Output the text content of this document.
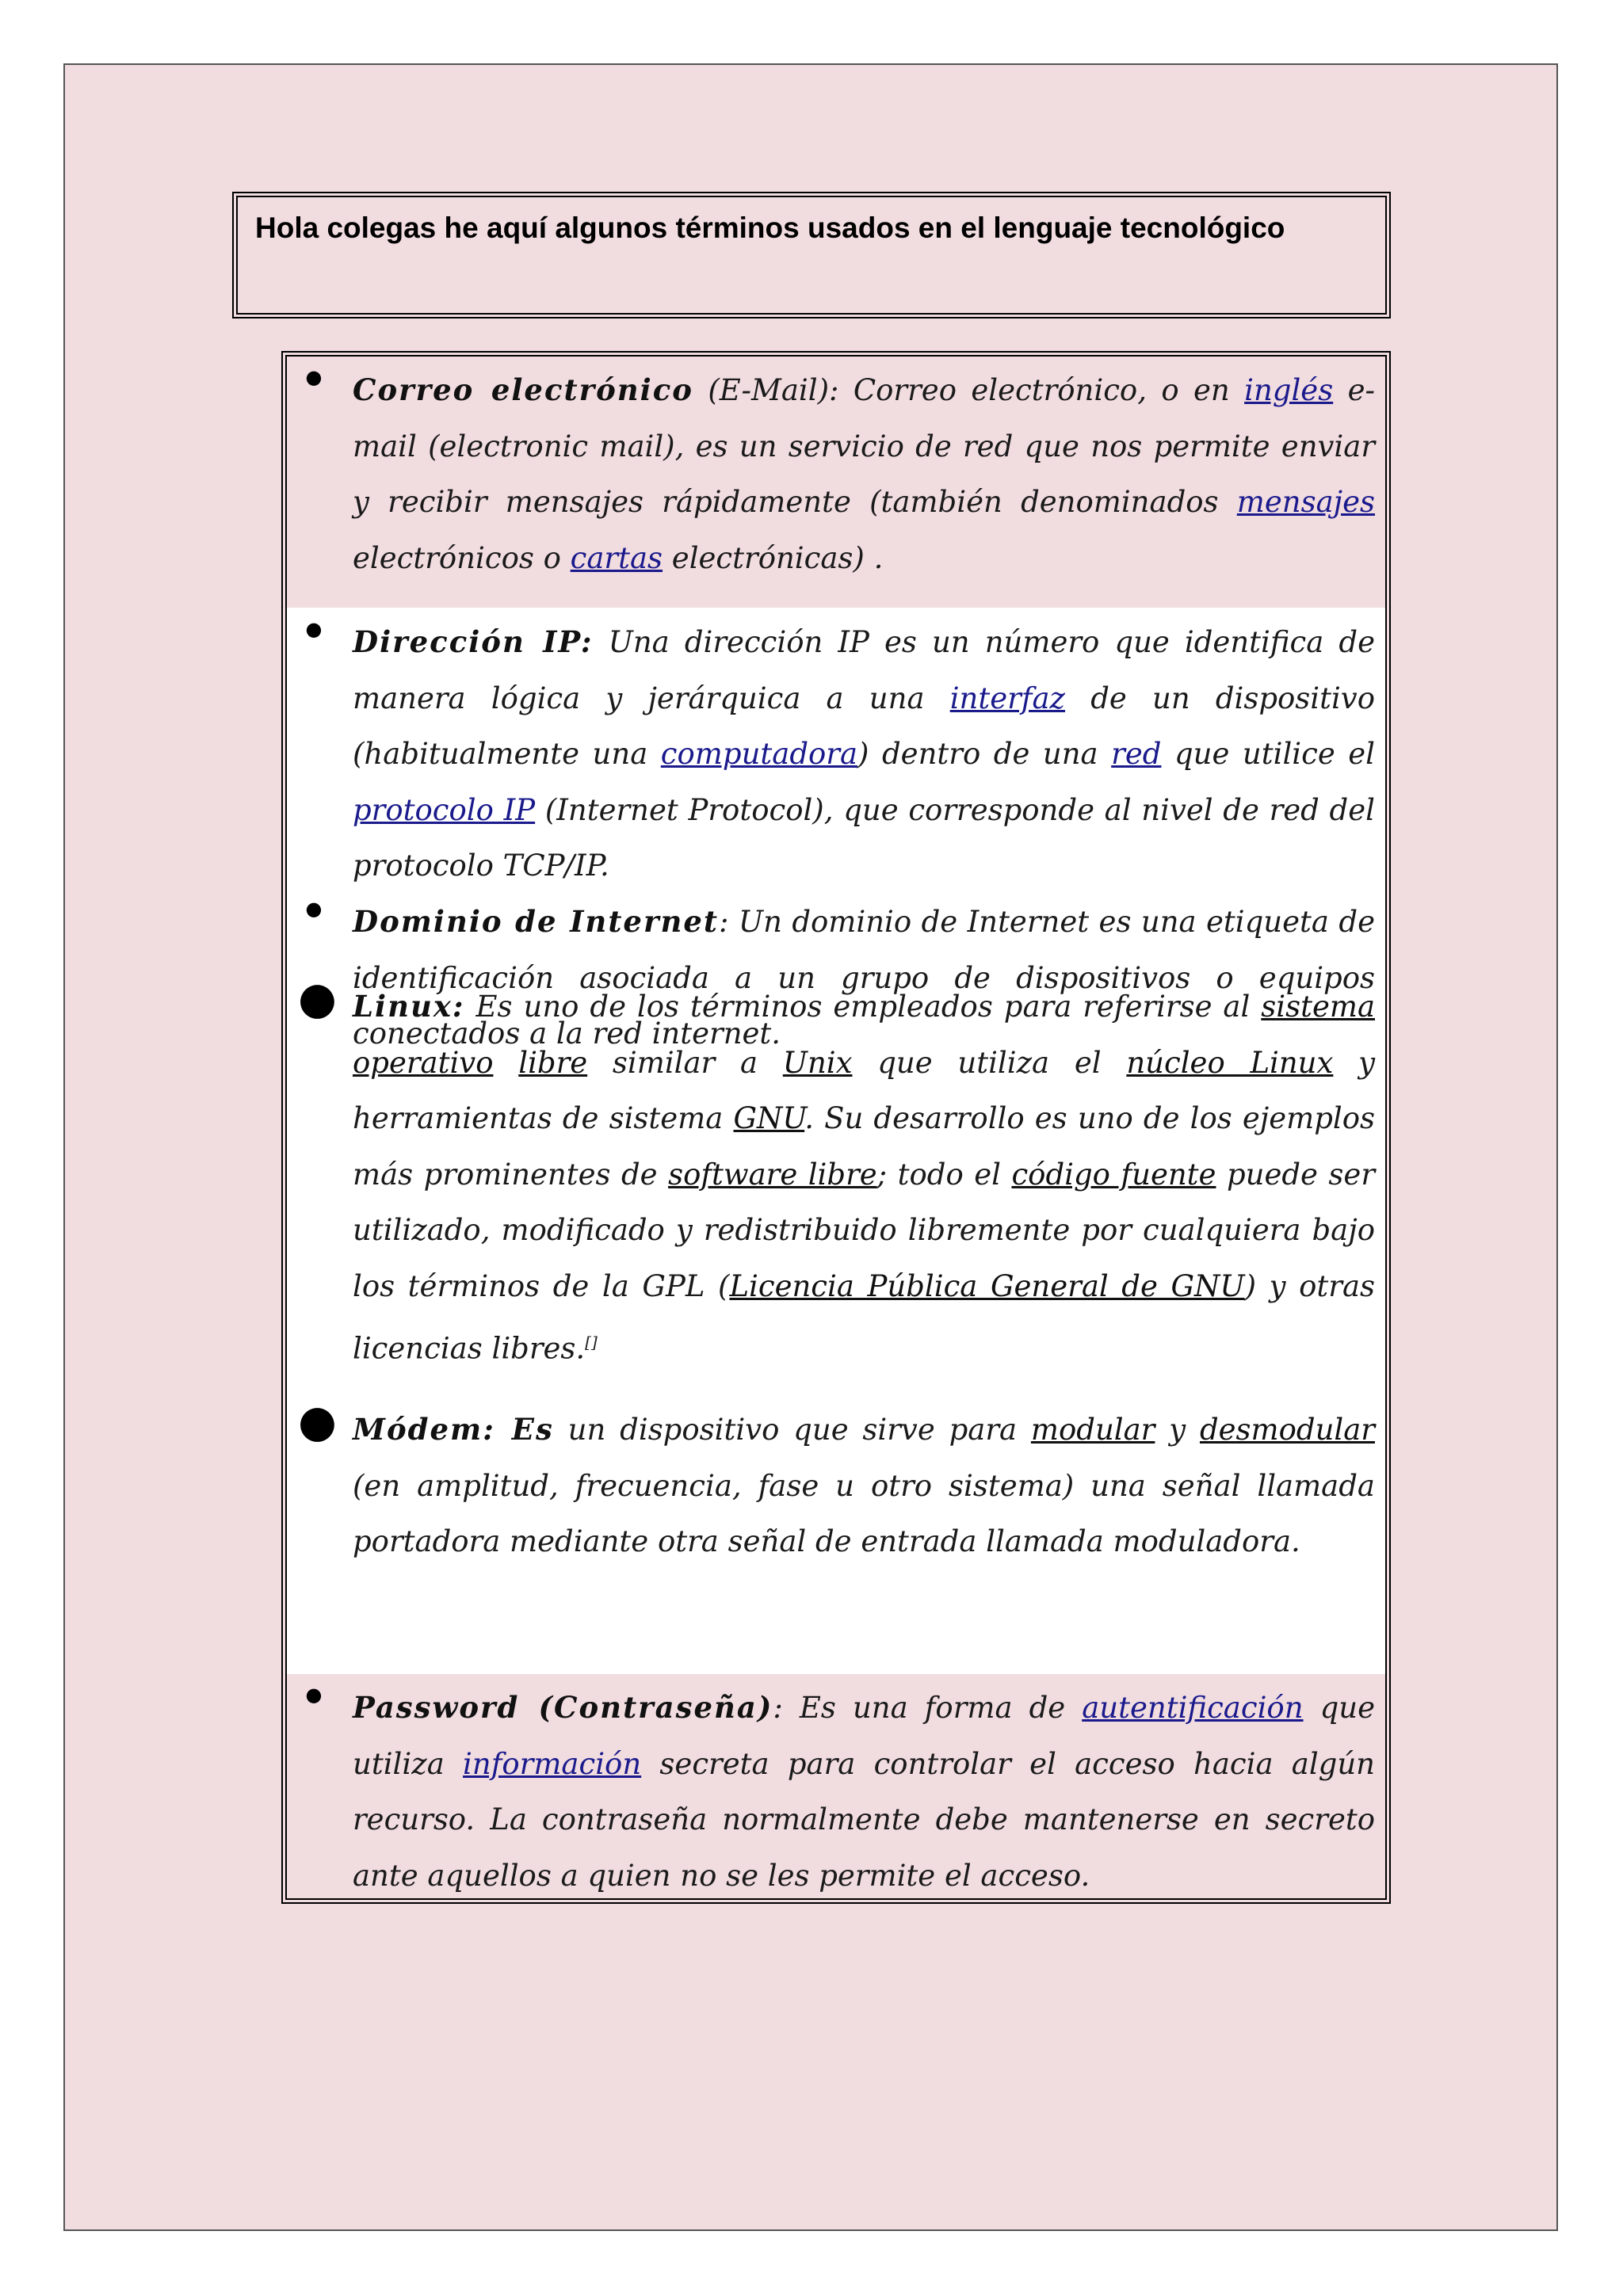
Hola colegas he aquí algunos términos usados en el lenguaje tecnológico
● Correo electrónico (E-Mail): Correo electrónico, o en inglés e-mail (electronic mail), es un servicio de red que nos permite enviar y recibir mensajes rápidamente (también denominados mensajes electrónicos o cartas electrónicas) .
● Dirección IP: Una dirección IP es un número que identifica de manera lógica y jerárquica a una interfaz de un dispositivo (habitualmente una computadora) dentro de una red que utilice el protocolo IP (Internet Protocol), que corresponde al nivel de red del protocolo TCP/IP.
● Dominio de Internet: Un dominio de Internet es una etiqueta de identificación asociada a un grupo de dispositivos o equipos conectados a la red internet.
● Linux: Es uno de los términos empleados para referirse al sistema operativo libre similar a Unix que utiliza el núcleo Linux y herramientas de sistema GNU. Su desarrollo es uno de los ejemplos más prominentes de software libre; todo el código fuente puede ser utilizado, modificado y redistribuido libremente por cualquiera bajo los términos de la GPL (Licencia Pública General de GNU) y otras licencias libres.[]
● Módem: Es un dispositivo que sirve para modular y desmodular (en amplitud, frecuencia, fase u otro sistema) una señal llamada portadora mediante otra señal de entrada llamada moduladora.
● Password (Contraseña): Es una forma de autentificación que utiliza información secreta para controlar el acceso hacia algún recurso. La contraseña normalmente debe mantenerse en secreto ante aquellos a quien no se les permite el acceso.
